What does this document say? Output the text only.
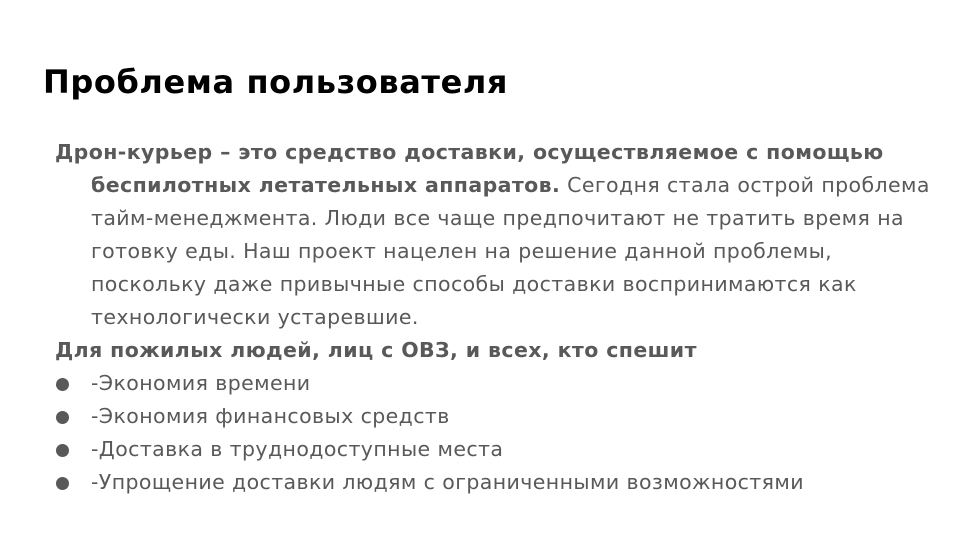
Проблема пользователя

Дрон-курьер – это средство доставки, осуществляемое с помощью беспилотных летательных аппаратов. Сегодня стала острой проблема тайм-менеджмента. Люди все чаще предпочитают не тратить время на готовку еды. Наш проект нацелен на решение данной проблемы, поскольку даже привычные способы доставки воспринимаются как технологически устаревшие.

Для пожилых людей, лиц с ОВЗ, и всех, кто спешит

-Экономия времени
-Экономия финансовых средств
-Доставка в труднодоступные места
-Упрощение доставки людям с ограниченными возможностями
